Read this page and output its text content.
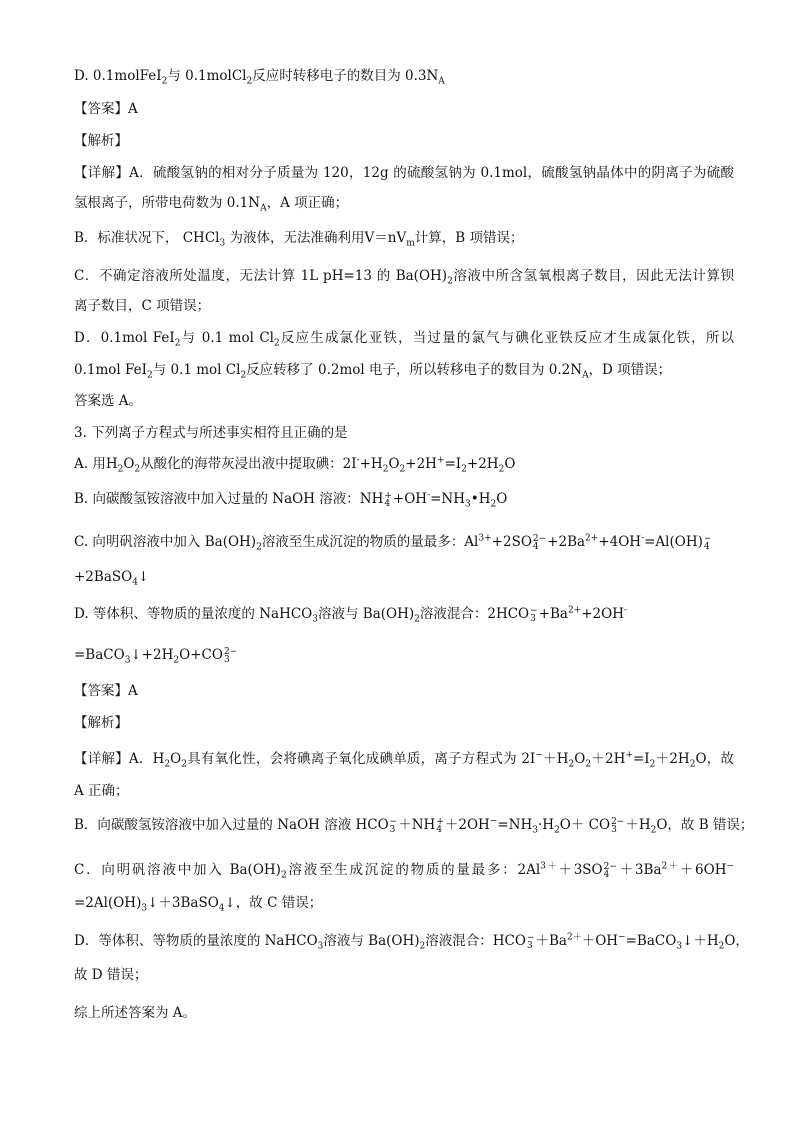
D. 0.1molFeI$_2$与 0.1molCl$_2$反应时转移电子的数目为 $0.3N_A$
【答案】A
【解析】
【详解】A．硫酸氢钠的相对分子质量为 120，12g 的硫酸氢钠为 0.1mol，硫酸氢钠晶体中的阴离子为硫酸
氢根离子，所带电荷数为 $0.1N_A$，A 项正确；
B．标准状况下， CHCl$_3$ 为液体，无法准确利用$V=nV_m$计算，B 项错误；
C．不确定溶液所处温度，无法计算 1L pH=13 的 $Ba(OH)_2$溶液中所含氢氧根离子数目，因此无法计算钡
离子数目，C 项错误；
D．0.1mol FeI$_2$与 0.1 mol $Cl_2$反应生成氯化亚铁，当过量的氯气与碘化亚铁反应才生成氯化铁，所以
0.1mol FeI$_2$与 0.1 mol $Cl_2$反应转移了 0.2mol 电子，所以转移电子的数目为 $0.2N_A$，D 项错误；
答案选 A。
3. 下列离子方程式与所述事实相符且正确的是
A. 用$H_2O_2$从酸化的海带灰浸出液中提取碘：$2I^-+H_2O_2+2H^+=I_2+2H_2O$
B. 向碳酸氢铵溶液中加入过量的 NaOH 溶液：NH +
$4 +OH^-=NH_3•H_2O$
C. 向明矾溶液中加入 $Ba(OH)_2$溶液至生成沉淀的物质的量最多：$Al^{3+}+2SO$ 2−
$4 +2Ba^{2+}+4OH^-=Al(OH)$ −
4
+2BaSO$_4$↓
D. 等体积、等物质的量浓度的 NaHCO$_3$溶液与 $Ba(OH)_2$溶液混合：2HCO −
$3 +Ba^{2+}+2OH^-$
$=BaCO_3↓+2H_2O+CO$ 2−
3
【答案】A
【解析】
【详解】A．$H_2O_2$具有氧化性，会将碘离子氧化成碘单质，离子方程式为 $2I^-+H_2O_2+2H^+=I_2+2H_2O$，故
A 正确；
B．向碳酸氢铵溶液中加入过量的 NaOH 溶液 HCO −
3 ＋NH +
$4 +2OH^-=NH_3\cdot H_2O+$ CO 2−
$3 +H_2O$，故 B 错误；
C．向明矾溶液中加入 $Ba(OH)_2$溶液至生成沉淀的物质的量最多：$2Al^{3+}+3SO$ 2−
$4 +3Ba^{2+}+6OH^-$
$=2Al(OH)_3↓+3BaSO_4↓$，故 C 错误；
D．等体积、等物质的量浓度的 NaHCO$_3$溶液与 $Ba(OH)_2$溶液混合：HCO −
$3 +Ba^{2+}+OH^-=BaCO_3↓+H_2O$，
故 D 错误；
综上所述答案为 A。
